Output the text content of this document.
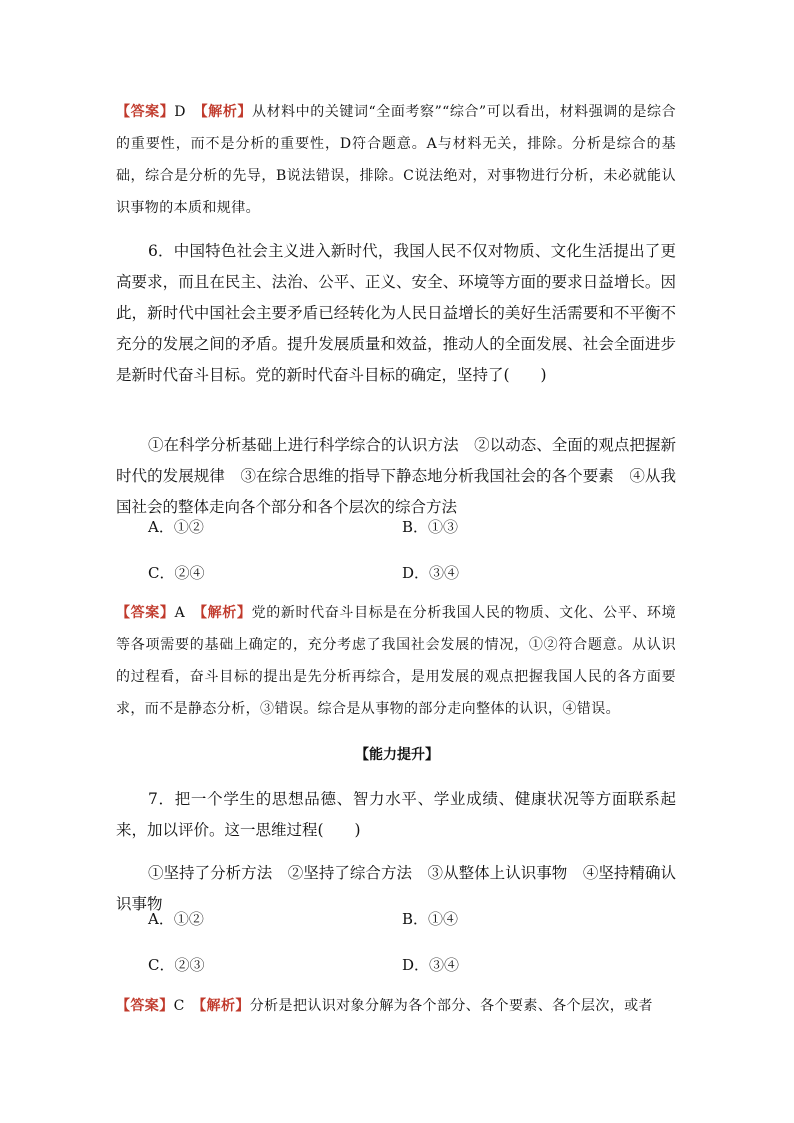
【答案】D　 【解析】从材料中的关键词“全面考察”“综合”可以看出，材料强调的是综合的重要性，而不是分析的重要性，D符合题意。A与材料无关，排除。分析是综合的基础，综合是分析的先导，B说法错误，排除。C说法绝对，对事物进行分析，未必就能认识事物的本质和规律。

6．中国特色社会主义进入新时代，我国人民不仅对物质、文化生活提出了更高要求，而且在民主、法治、公平、正义、安全、环境等方面的要求日益增长。因此，新时代中国社会主要矛盾已经转化为人民日益增长的美好生活需要和不平衡不充分的发展之间的矛盾。提升发展质量和效益，推动人的全面发展、社会全面进步是新时代奋斗目标。党的新时代奋斗目标的确定，坚持了(　　)

①在科学分析基础上进行科学综合的认识方法　②以动态、全面的观点把握新时代的发展规律　③在综合思维的指导下静态地分析我国社会的各个要素　④从我国社会的整体走向各个部分和各个层次的综合方法

A．①②	B．①③
C．②④	D．③④

【答案】A　 【解析】党的新时代奋斗目标是在分析我国人民的物质、文化、公平、环境等各项需要的基础上确定的，充分考虑了我国社会发展的情况，①②符合题意。从认识的过程看，奋斗目标的提出是先分析再综合，是用发展的观点把握我国人民的各方面要求，而不是静态分析，③错误。综合是从事物的部分走向整体的认识，④错误。

【能力提升】

7．把一个学生的思想品德、智力水平、学业成绩、健康状况等方面联系起来，加以评价。这一思维过程(　　)

①坚持了分析方法　②坚持了综合方法　③从整体上认识事物　④坚持精确认识事物

A．①②	B．①④
C．②③	D．③④

【答案】C　 【解析】分析是把认识对象分解为各个部分、各个要素、各个层次，或者
